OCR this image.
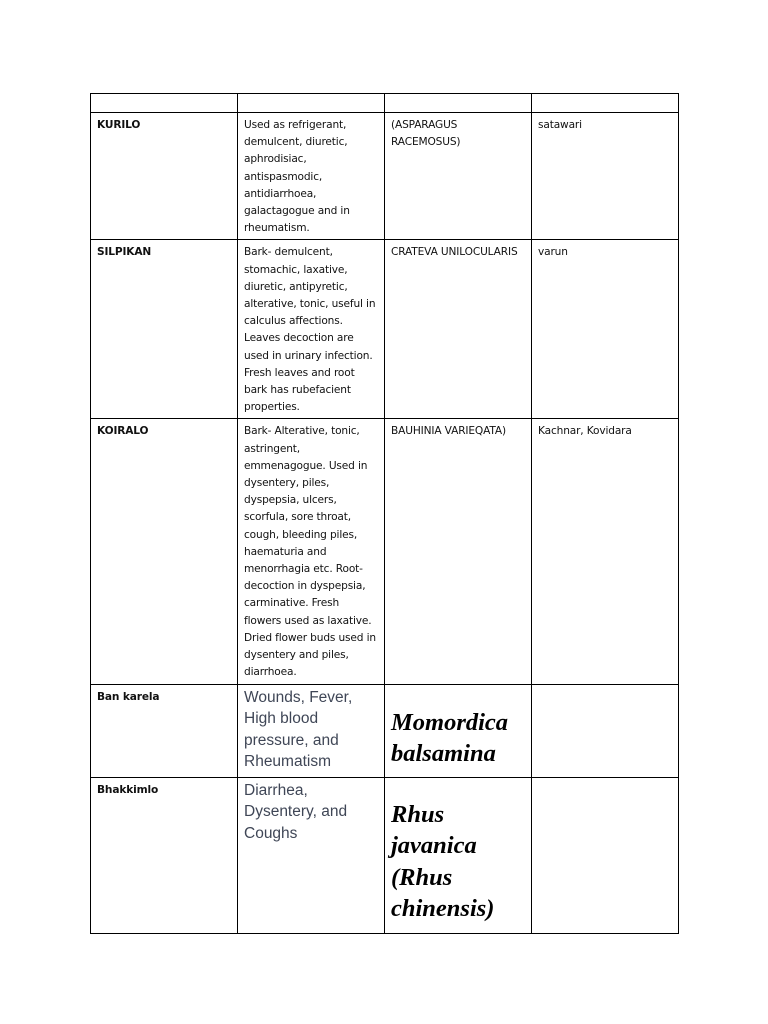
KURILO	Used as refrigerant, demulcent, diuretic, aphrodisiac, antispasmodic, antidiarrhoea, galactagogue and in rheumatism.	(ASPARAGUS RACEMOSUS)	satawari
SILPIKAN	Bark- demulcent, stomachic, laxative, diuretic, antipyretic, alterative, tonic, useful in calculus affections. Leaves decoction are used in urinary infection. Fresh leaves and root bark has rubefacient properties.	CRATEVA UNILOCULARIS	varun
KOIRALO	Bark- Alterative, tonic, astringent, emmenagogue. Used in dysentery, piles, dyspepsia, ulcers, scorfula, sore throat, cough, bleeding piles, haematuria and menorrhagia etc. Root-decoction in dyspepsia, carminative. Fresh flowers used as laxative. Dried flower buds used in dysentery and piles, diarrhoea.	BAUHINIA VARIEQATA)	Kachnar, Kovidara
Ban karela	Wounds, Fever, High blood pressure, and Rheumatism	Momordica balsamina	
Bhakkimlo	Diarrhea, Dysentery, and Coughs	Rhus javanica (Rhus chinensis)	
